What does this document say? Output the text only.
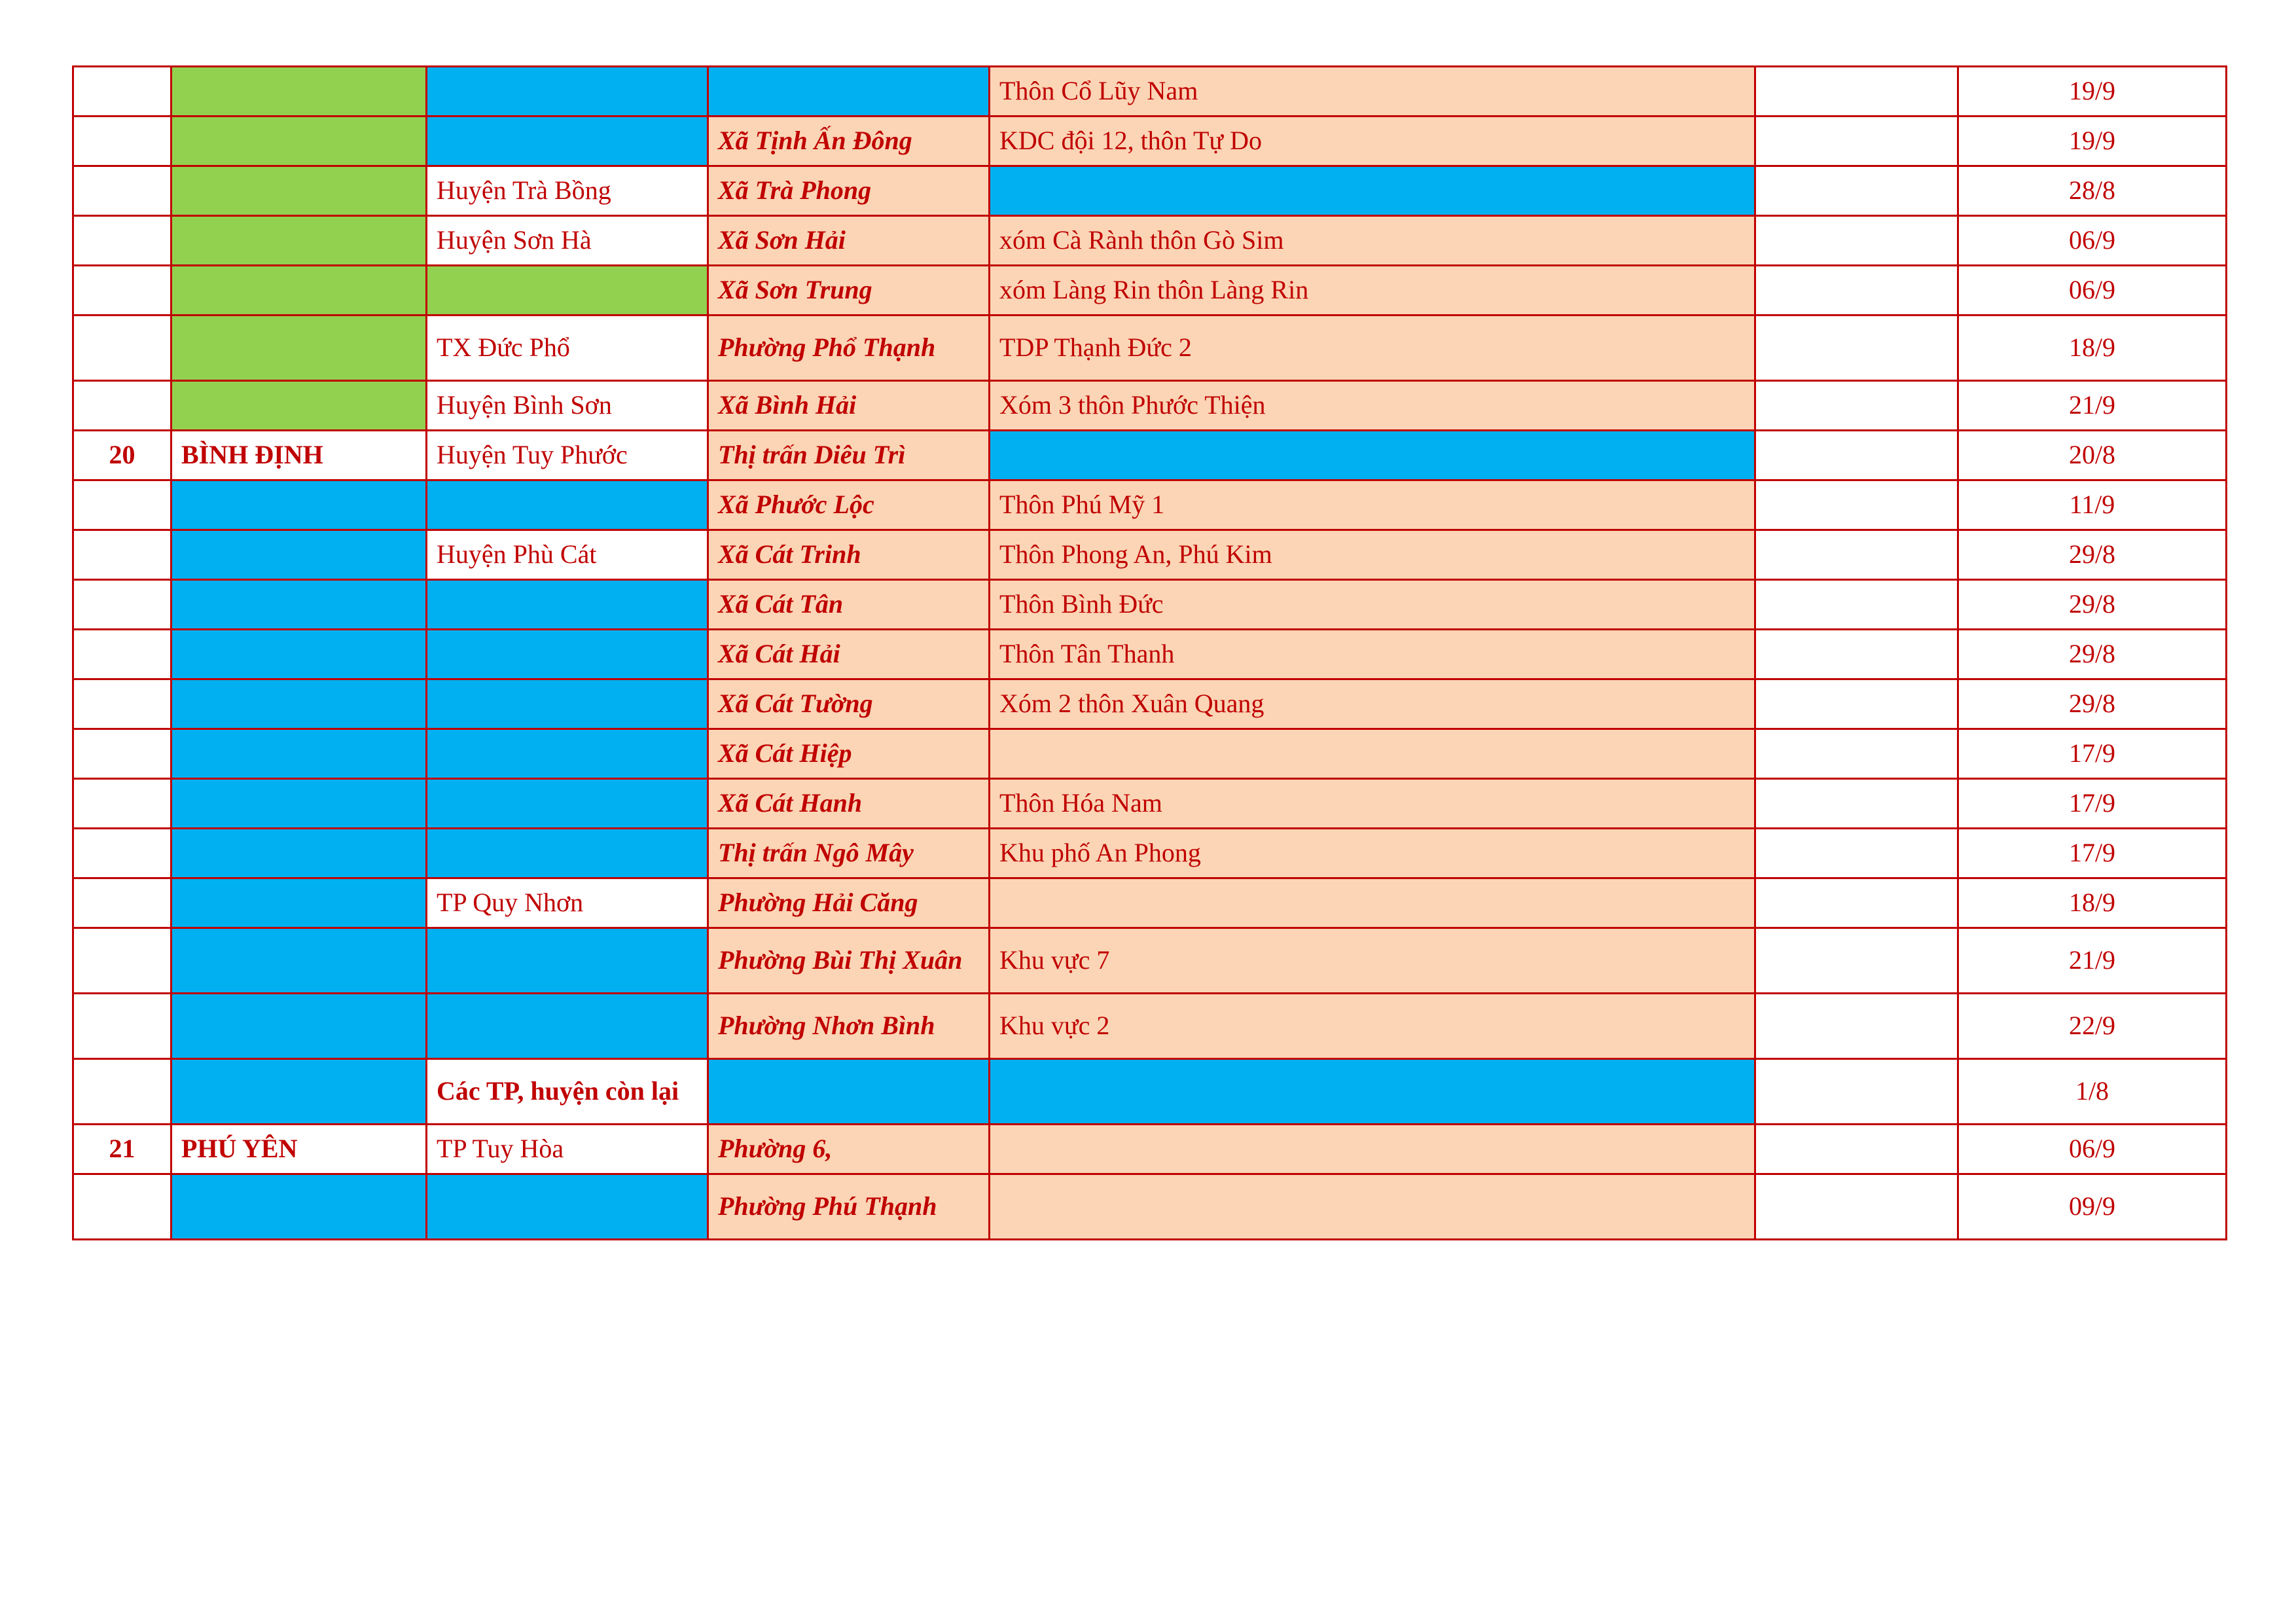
				Thôn Cổ Lũy Nam		19/9
			Xã Tịnh Ấn Đông	KDC đội 12, thôn Tự Do		19/9
		Huyện Trà Bồng	Xã Trà Phong			28/8
		Huyện Sơn Hà	Xã Sơn Hải	xóm Cà Rành thôn Gò Sim		06/9
			Xã Sơn Trung	xóm Làng Rin thôn Làng Rin		06/9
		TX Đức Phổ	Phường Phổ Thạnh	TDP Thạnh Đức 2		18/9
		Huyện Bình Sơn	Xã Bình Hải	Xóm 3 thôn Phước Thiện		21/9
20	BÌNH ĐỊNH	Huyện Tuy Phước	Thị trấn Diêu Trì			20/8
			Xã Phước Lộc	Thôn Phú Mỹ 1		11/9
		Huyện Phù Cát	Xã Cát Trinh	Thôn Phong An, Phú Kim		29/8
			Xã Cát Tân	Thôn Bình Đức		29/8
			Xã Cát Hải	Thôn Tân Thanh		29/8
			Xã Cát Tường	Xóm 2 thôn Xuân Quang		29/8
			Xã Cát Hiệp			17/9
			Xã Cát Hanh	Thôn Hóa Nam		17/9
			Thị trấn Ngô Mây	Khu phố An Phong		17/9
		TP Quy Nhơn	Phường Hải Căng			18/9
			Phường Bùi Thị Xuân	Khu vực 7		21/9
			Phường Nhơn Bình	Khu vực 2		22/9
		Các TP, huyện còn lại				1/8
21	PHÚ YÊN	TP Tuy Hòa	Phường 6,			06/9
			Phường Phú Thạnh			09/9
